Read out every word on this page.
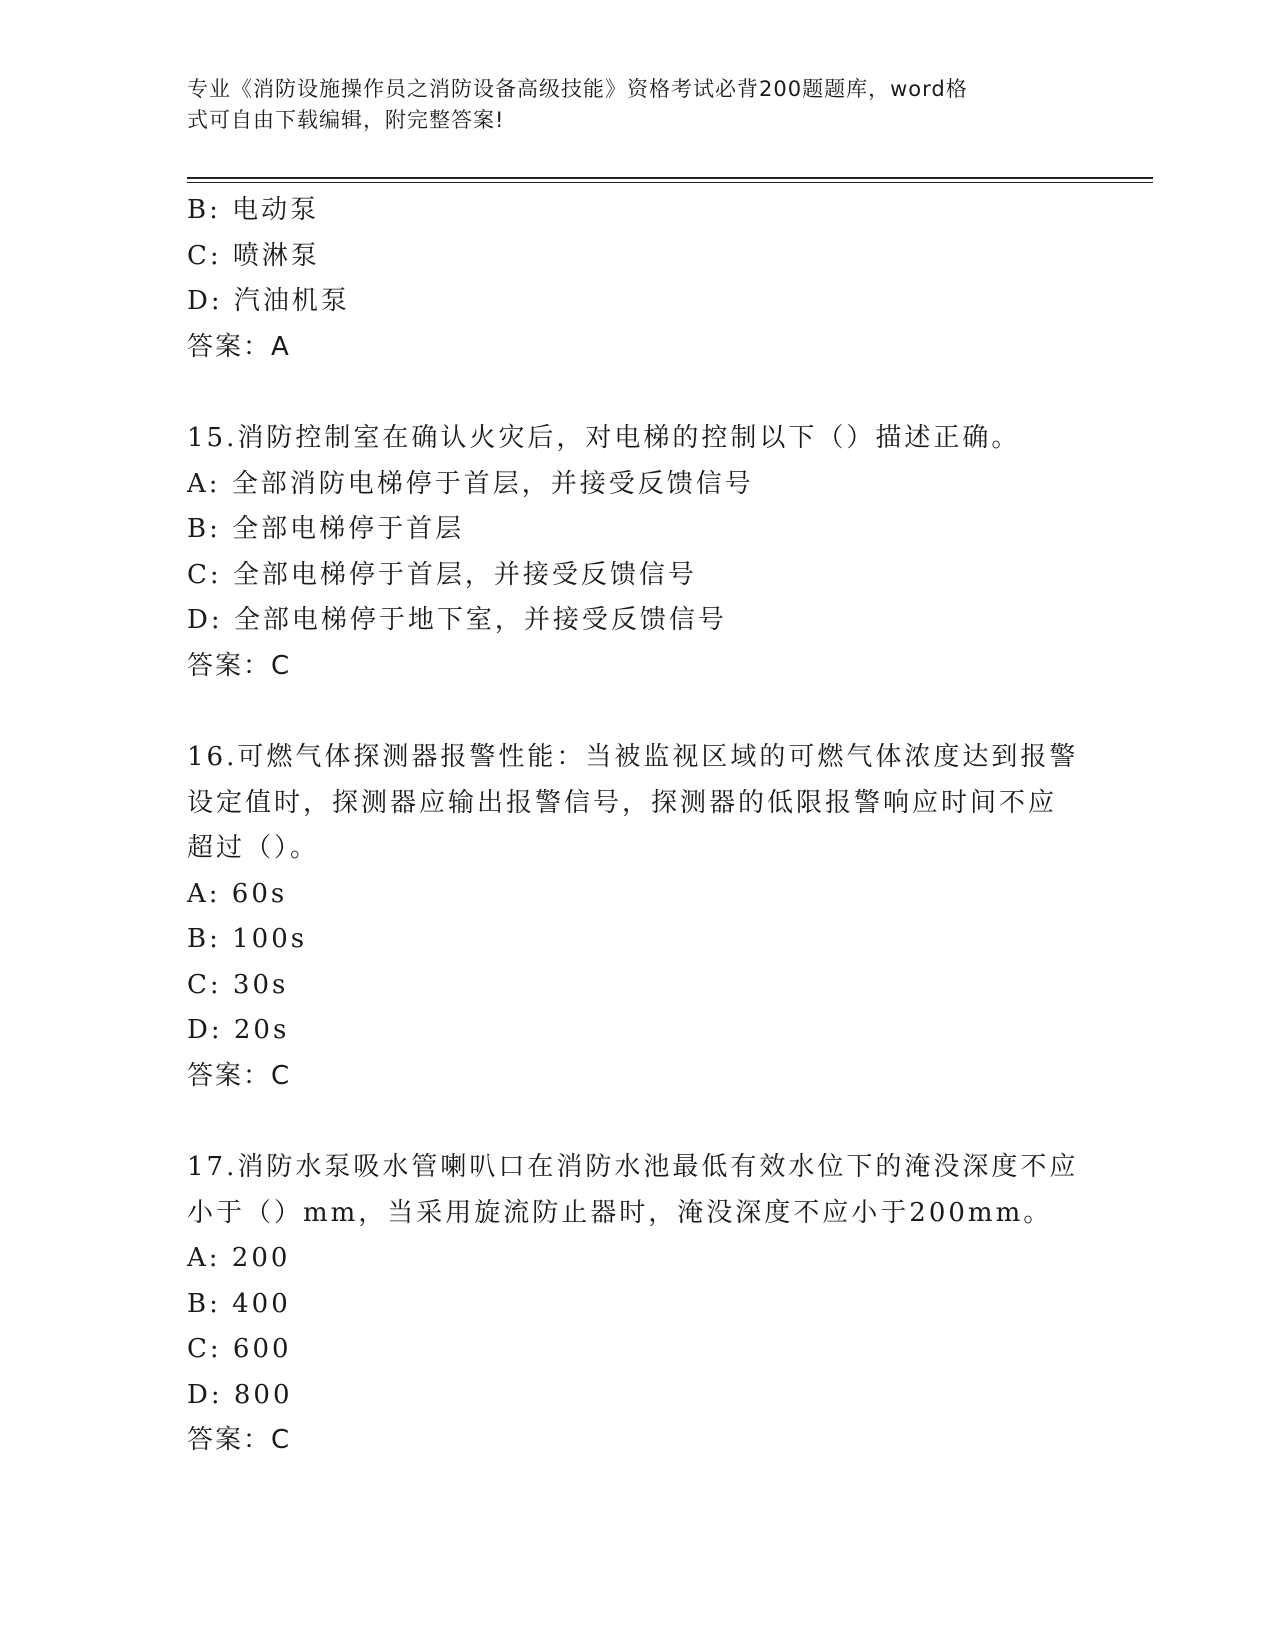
专业《消防设施操作员之消防设备高级技能》资格考试必背200题题库，word格
式可自由下载编辑，附完整答案!
B: 电动泵
C: 喷淋泵
D: 汽油机泵
答案：A
15.消防控制室在确认火灾后，对电梯的控制以下（）描述正确。
A: 全部消防电梯停于首层，并接受反馈信号
B: 全部电梯停于首层
C: 全部电梯停于首层，并接受反馈信号
D: 全部电梯停于地下室，并接受反馈信号
答案：C
16.可燃气体探测器报警性能：当被监视区域的可燃气体浓度达到报警
设定值时，探测器应输出报警信号，探测器的低限报警响应时间不应
超过（）。
A: 60s
B: 100s
C: 30s
D: 20s
答案：C
17.消防水泵吸水管喇叭口在消防水池最低有效水位下的淹没深度不应
小于（）mm，当采用旋流防止器时，淹没深度不应小于200mm。
A: 200
B: 400
C: 600
D: 800
答案：C
